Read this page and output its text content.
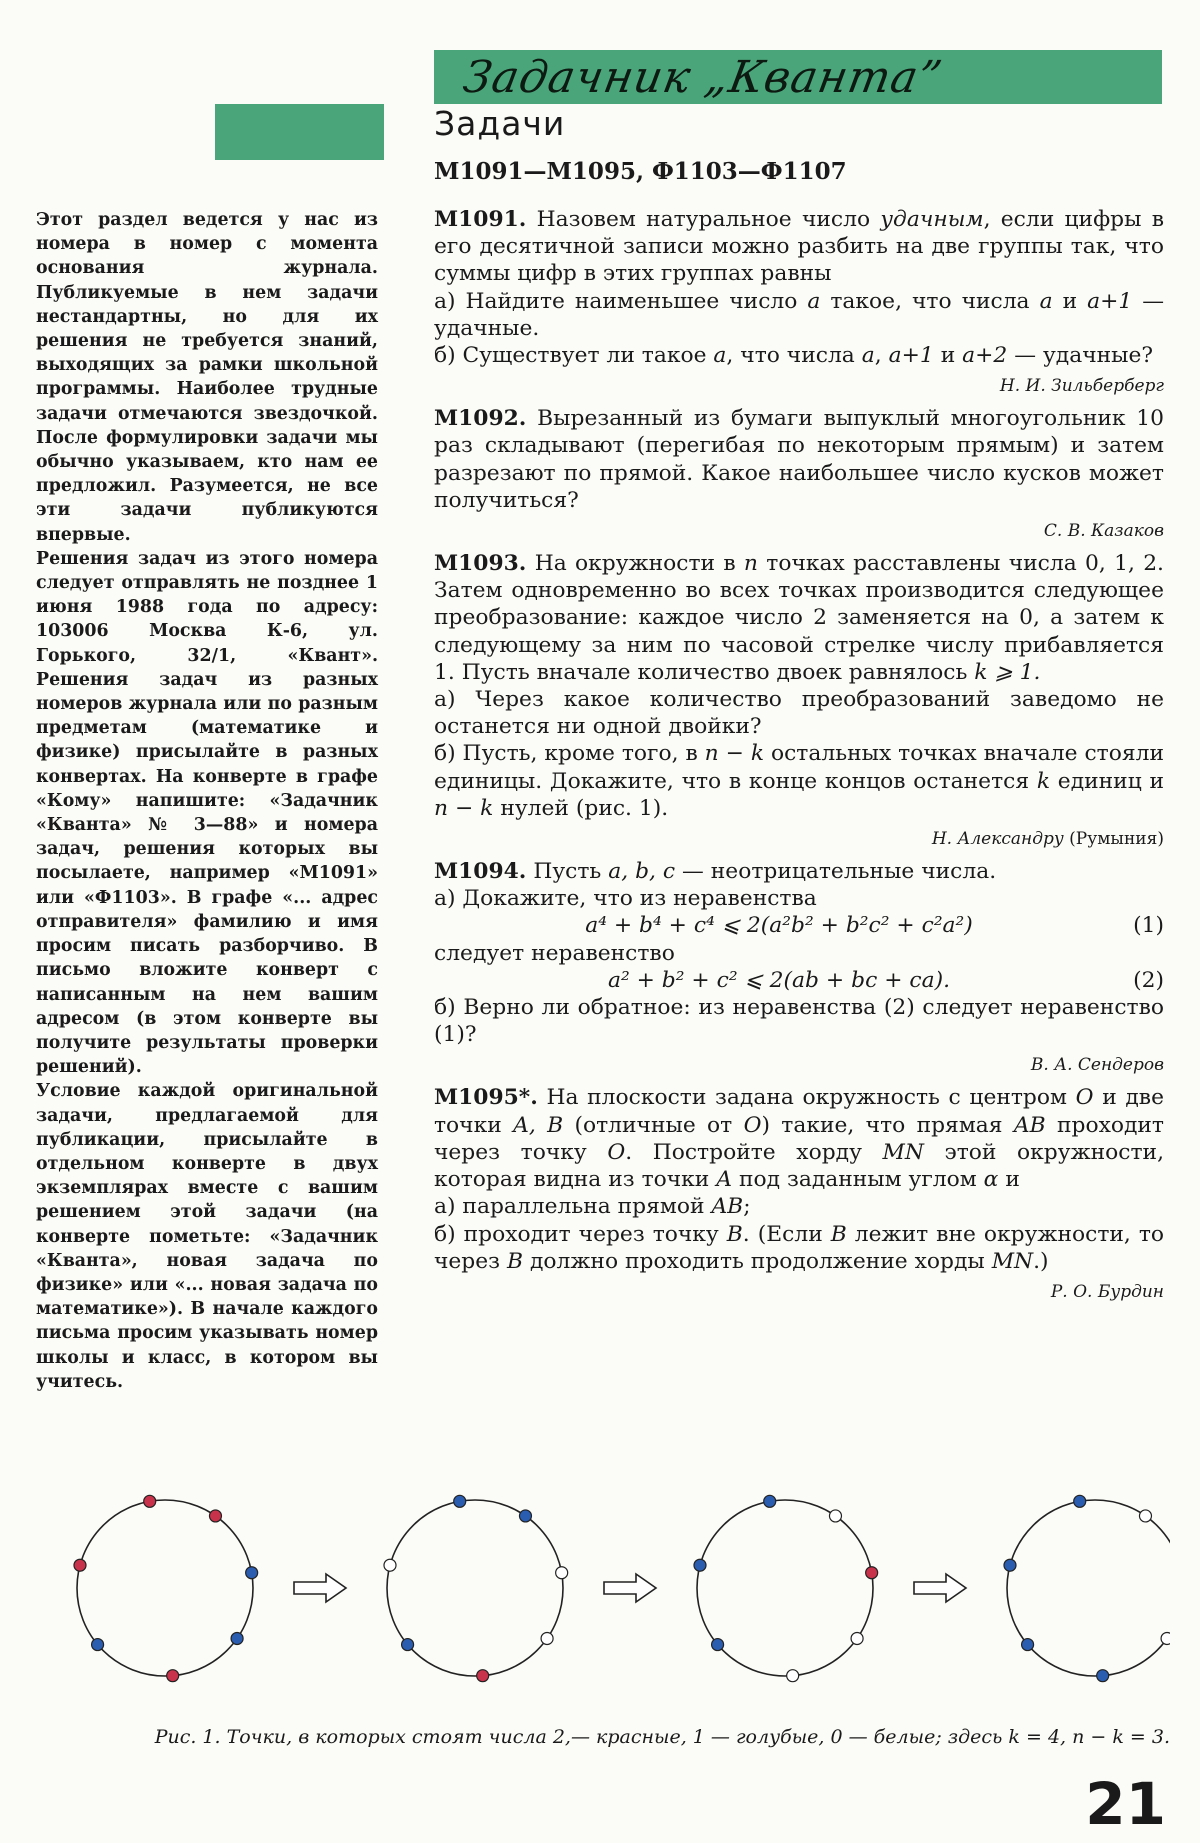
Задачник „Кванта”
Задачи
М1091—М1095, Ф1103—Ф1107

Этот раздел ведется у нас из номера в номер с момента основания журнала. Публикуемые в нем задачи нестандартны, но для их решения не требуется знаний, выходящих за рамки школьной программы. Наиболее трудные задачи отмечаются звездочкой. После формулировки задачи мы обычно указываем, кто нам ее предложил. Разумеется, не все эти задачи публикуются впервые.

Решения задач из этого номера следует отправлять не позднее 1 июня 1988 года по адресу: 103006 Москва К-6, ул. Горького, 32/1, «Квант». Решения задач из разных номеров журнала или по разным предметам (математике и физике) присылайте в разных конвертах. На конверте в графе «Кому» напишите: «Задачник «Кванта» № 3—88» и номера задач, решения которых вы посылаете, например «М1091» или «Ф1103». В графе «... адрес отправителя» фамилию и имя просим писать разборчиво. В письмо вложите конверт с написанным на нем вашим адресом (в этом конверте вы получите результаты проверки решений).

Условие каждой оригинальной задачи, предлагаемой для публикации, присылайте в отдельном конверте в двух экземплярах вместе с вашим решением этой задачи (на конверте пометьте: «Задачник «Кванта», новая задача по физике» или «... новая задача по математике»). В начале каждого письма просим указывать номер школы и класс, в котором вы учитесь.

М1091. Назовем натуральное число удачным, если цифры в его десятичной записи можно разбить на две группы так, что суммы цифр в этих группах равны
а) Найдите наименьшее число a такое, что числа a и a+1 — удачные.
б) Существует ли такое a, что числа a, a+1 и a+2 — удачные?

Н. И. Зильберберг

М1092. Вырезанный из бумаги выпуклый многоугольник 10 раз складывают (перегибая по некоторым прямым) и затем разрезают по прямой. Какое наибольшее число кусков может получиться?

С. В. Казаков

М1093. На окружности в n точках расставлены числа 0, 1, 2. Затем одновременно во всех точках производится следующее преобразование: каждое число 2 заменяется на 0, а затем к следующему за ним по часовой стрелке числу прибавляется 1. Пусть вначале количество двоек равнялось k ⩾ 1.
а) Через какое количество преобразований заведомо не останется ни одной двойки?
б) Пусть, кроме того, в n − k остальных точках вначале стояли единицы. Докажите, что в конце концов останется k единиц и n − k нулей (рис. 1).

Н. Александру (Румыния)

М1094. Пусть a, b, c — неотрицательные числа.
а) Докажите, что из неравенства

a⁴ + b⁴ + c⁴ ⩽ 2(a²b² + b²c² + c²a²)	(1)

следует неравенство

a² + b² + c² ⩽ 2(ab + bc + ca).	(2)

б) Верно ли обратное: из неравенства (2) следует неравенство (1)?

В. А. Сендеров

М1095*. На плоскости задана окружность с центром O и две точки A, B (отличные от O) такие, что прямая AB проходит через точку O. Постройте хорду MN этой окружности, которая видна из точки A под заданным углом α и
а) параллельна прямой AB;
б) проходит через точку B. (Если B лежит вне окружности, то через B должно проходить продолжение хорды MN.)

Р. О. Бурдин
Рис. 1. Точки, в которых стоят числа 2,— красные, 1 — голубые, 0 — белые; здесь k = 4, n − k = 3.
21
